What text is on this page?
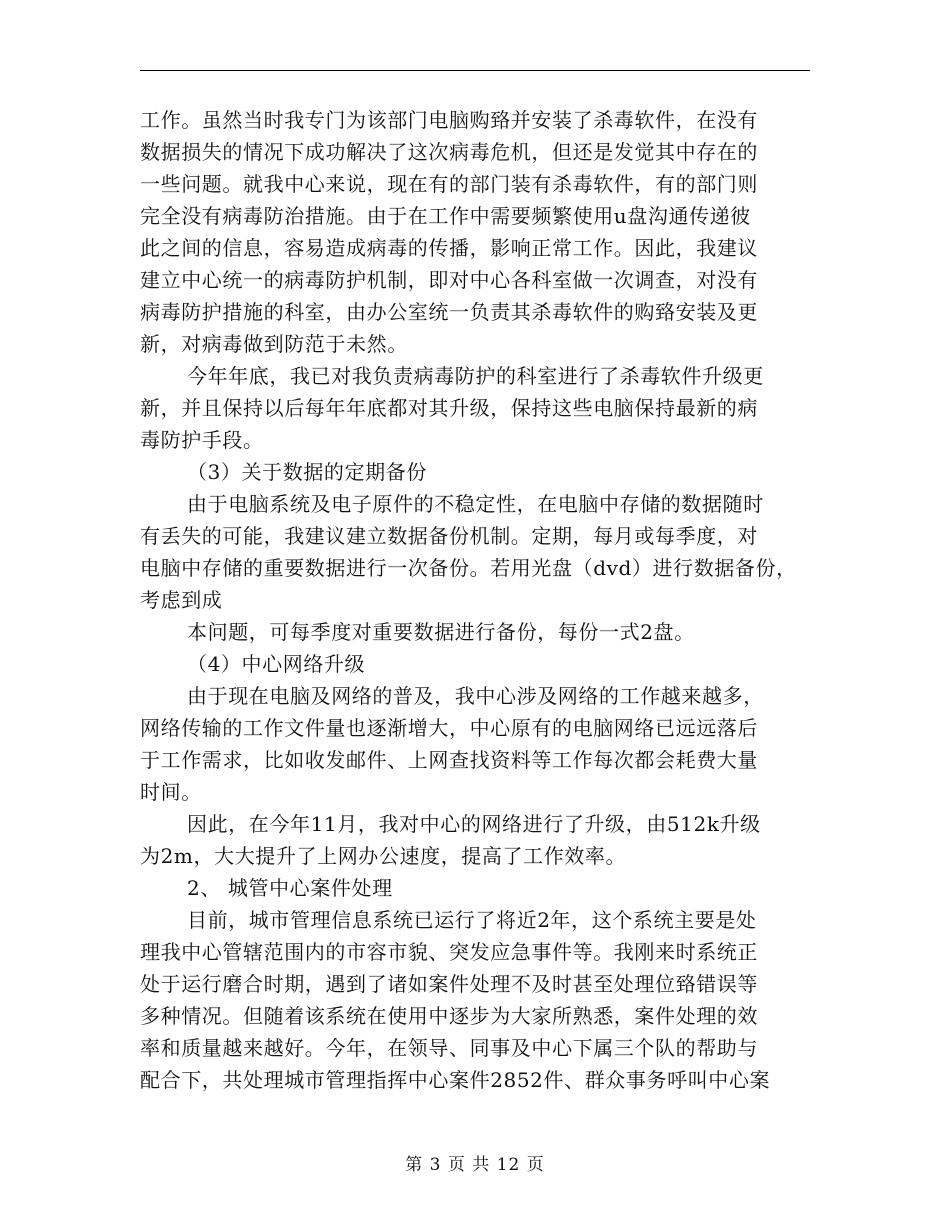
工作。虽然当时我专门为该部门电脑购臵并安装了杀毒软件，在没有
数据损失的情况下成功解决了这次病毒危机，但还是发觉其中存在的
一些问题。就我中心来说，现在有的部门装有杀毒软件，有的部门则
完全没有病毒防治措施。由于在工作中需要频繁使用u盘沟通传递彼
此之间的信息，容易造成病毒的传播，影响正常工作。因此，我建议
建立中心统一的病毒防护机制，即对中心各科室做一次调查，对没有
病毒防护措施的科室，由办公室统一负责其杀毒软件的购臵安装及更
新，对病毒做到防范于未然。
今年年底，我已对我负责病毒防护的科室进行了杀毒软件升级更
新，并且保持以后每年年底都对其升级，保持这些电脑保持最新的病
毒防护手段。
（3）关于数据的定期备份
由于电脑系统及电子原件的不稳定性，在电脑中存储的数据随时
有丢失的可能，我建议建立数据备份机制。定期，每月或每季度，对
电脑中存储的重要数据进行一次备份。若用光盘（dvd）进行数据备份，
考虑到成
本问题，可每季度对重要数据进行备份，每份一式2盘。
（4）中心网络升级
由于现在电脑及网络的普及，我中心涉及网络的工作越来越多，
网络传输的工作文件量也逐渐增大，中心原有的电脑网络已远远落后
于工作需求，比如收发邮件、上网查找资料等工作每次都会耗费大量
时间。
因此，在今年11月，我对中心的网络进行了升级，由512k升级
为2m，大大提升了上网办公速度，提高了工作效率。
2、 城管中心案件处理
目前，城市管理信息系统已运行了将近2年，这个系统主要是处
理我中心管辖范围内的市容市貌、突发应急事件等。我刚来时系统正
处于运行磨合时期，遇到了诸如案件处理不及时甚至处理位臵错误等
多种情况。但随着该系统在使用中逐步为大家所熟悉，案件处理的效
率和质量越来越好。今年，在领导、同事及中心下属三个队的帮助与
配合下，共处理城市管理指挥中心案件2852件、群众事务呼叫中心案
第 3 页 共 12 页
